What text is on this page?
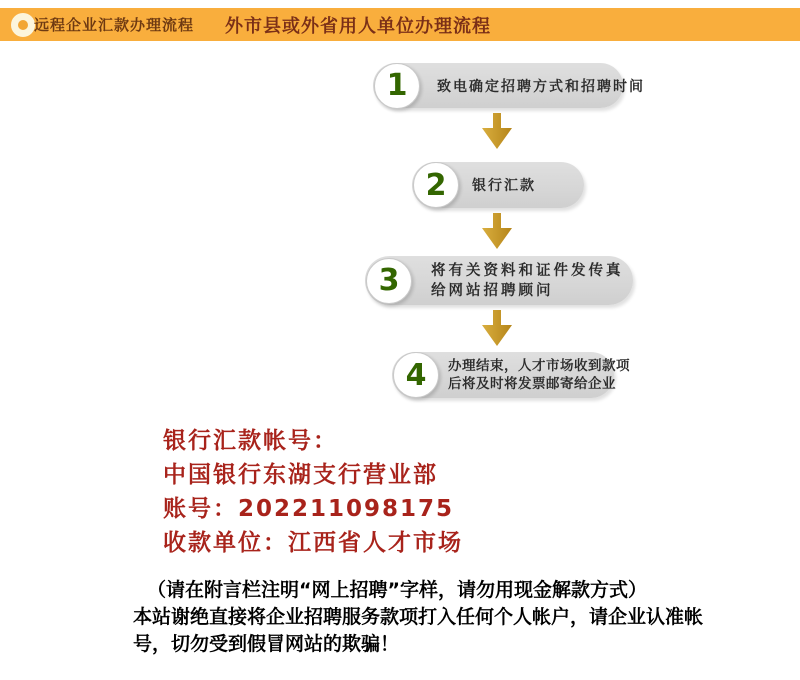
远程企业汇款办理流程 外市县或外省用人单位办理流程
1	致电确定招聘方式和招聘时间
2	银行汇款
3	将有关资料和证件发传真
给网站招聘顾问
4	办理结束，人才市场收到款项
后将及时将发票邮寄给企业
银行汇款帐号：
中国银行东湖支行营业部
账号：202211098175
收款单位：江西省人才市场
（请在附言栏注明“网上招聘”字样，请勿用现金解款方式）
本站谢绝直接将企业招聘服务款项打入任何个人帐户，请企业认准帐
号，切勿受到假冒网站的欺骗！
